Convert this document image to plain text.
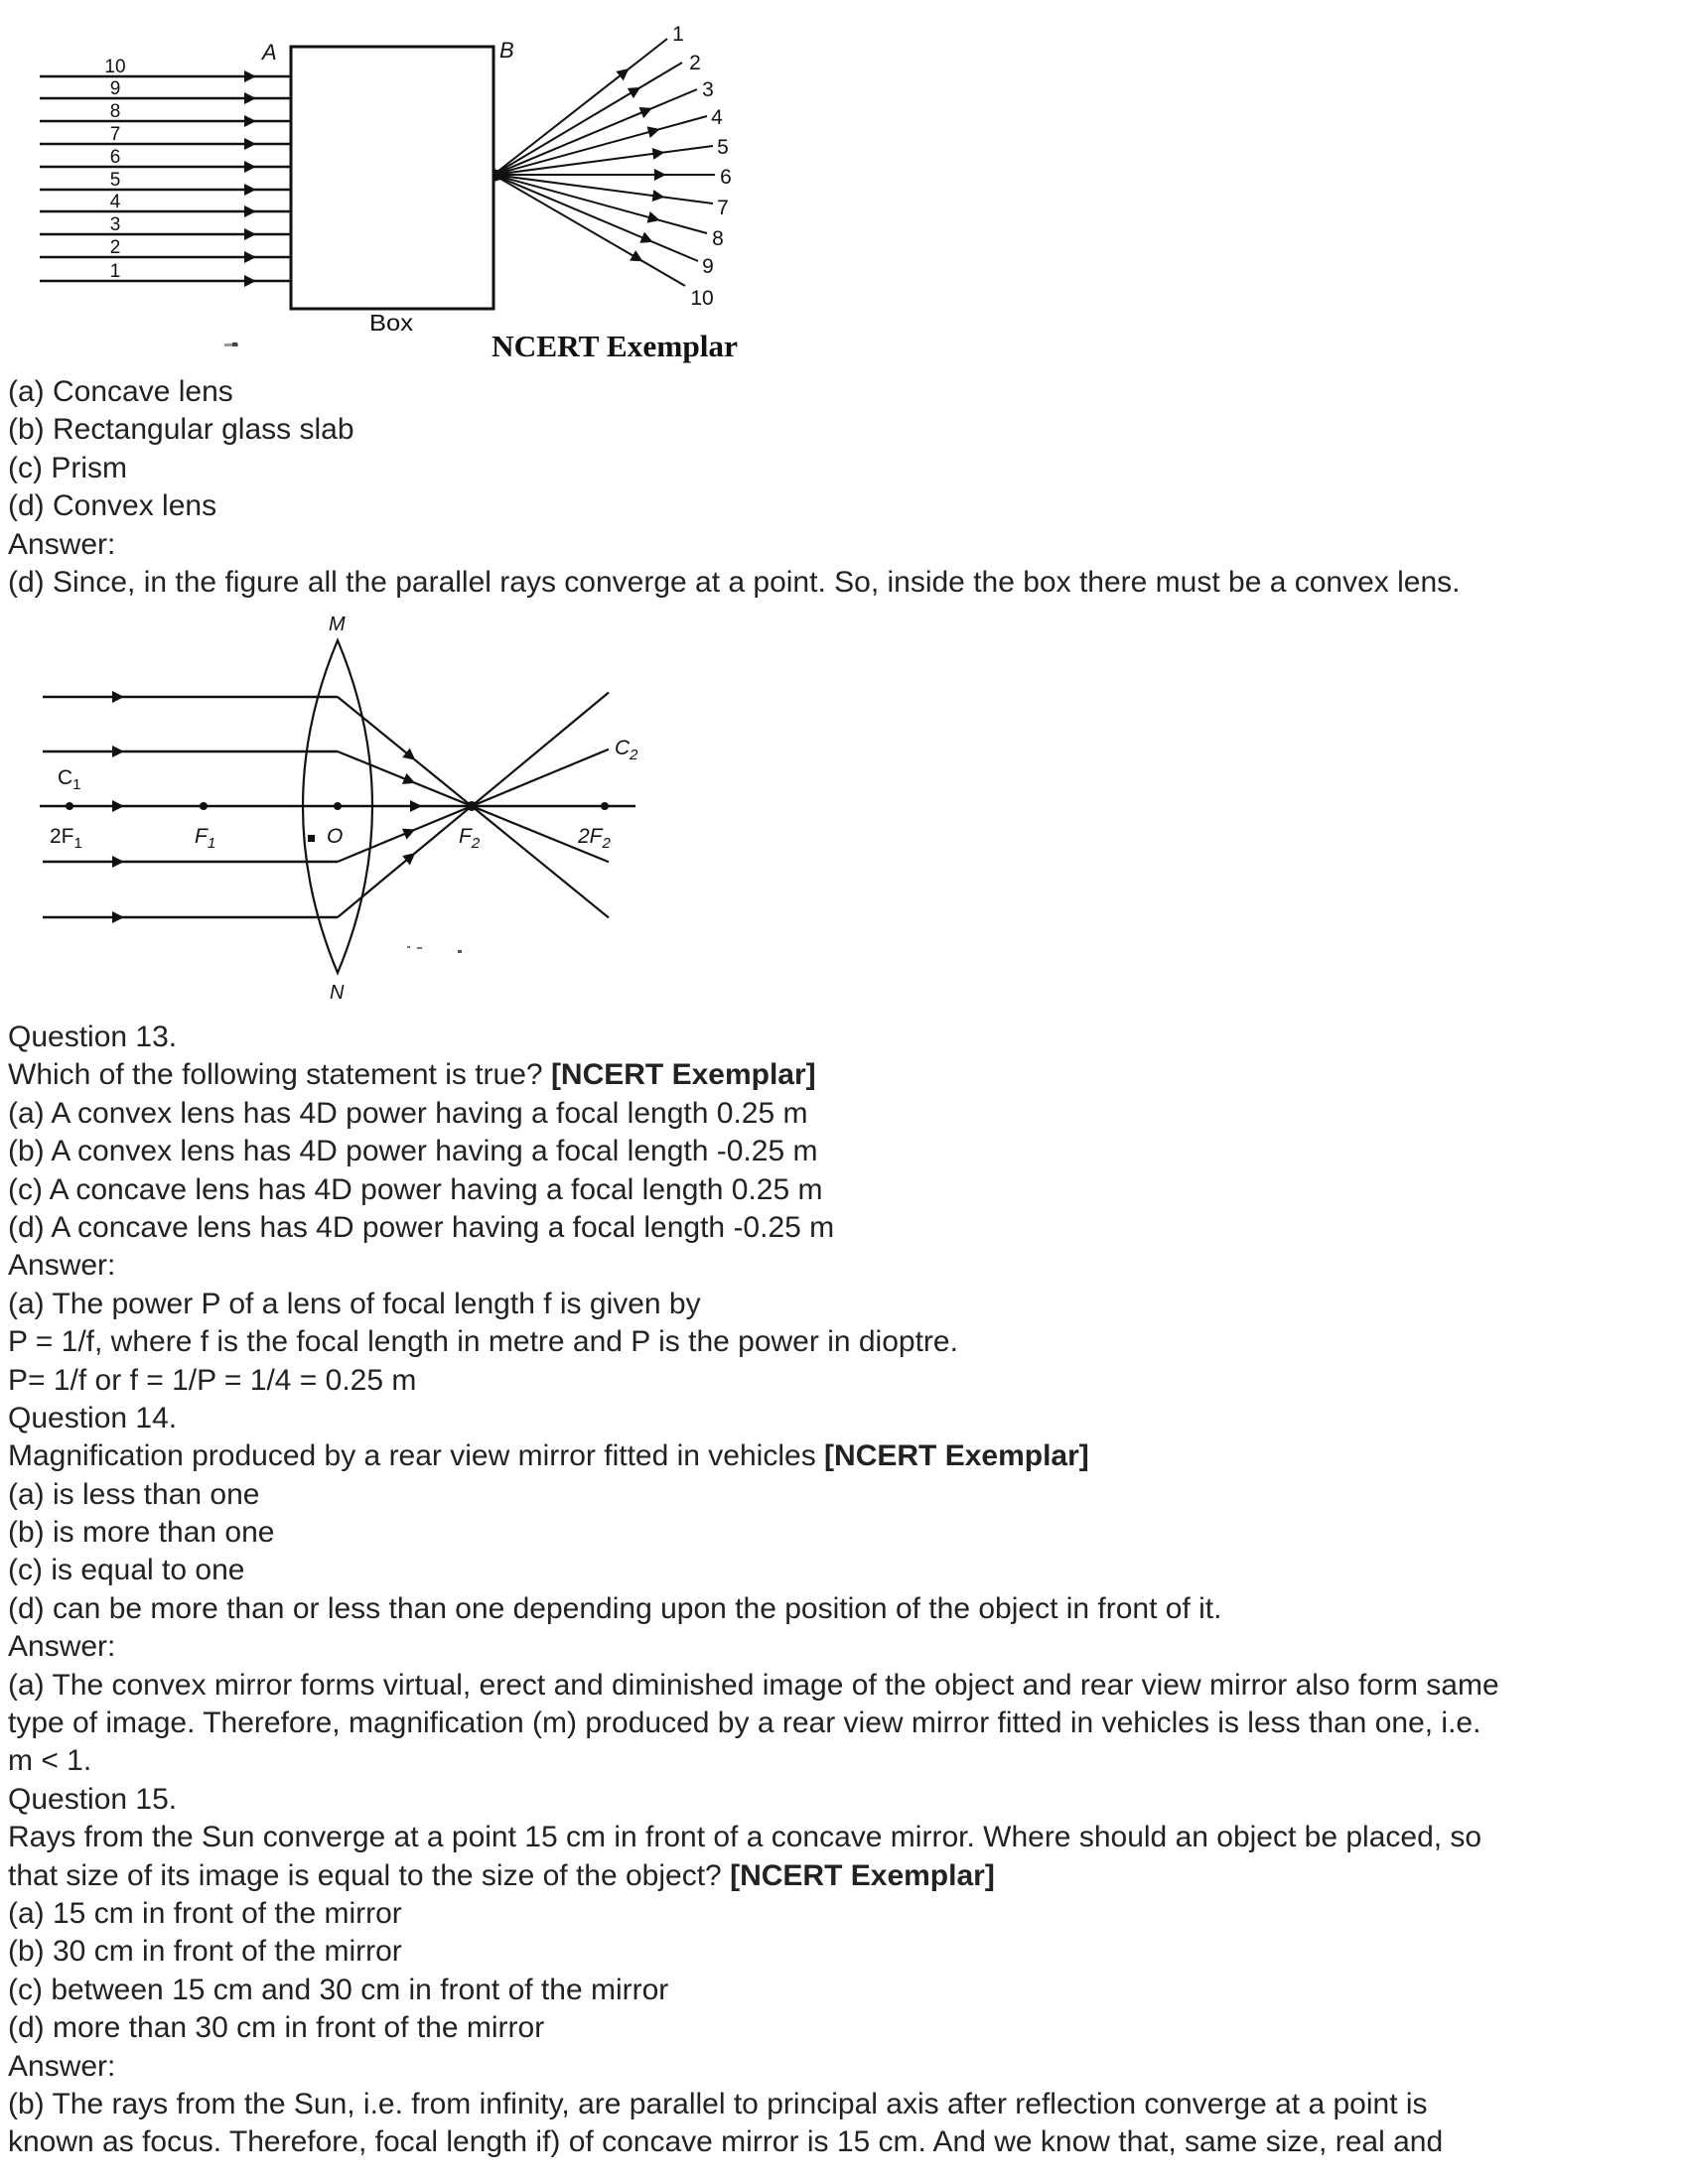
1
2
3
4
5
6
7
8
9
10
1
2
3
4
5
6
7
8
9
10
A	B
Box
NCERT Exemplar
(a) Concave lens
(b) Rectangular glass slab
(c) Prism
(d) Convex lens
Answer:
(d) Since, in the figure all the parallel rays converge at a point. So, inside the box there must be a convex lens.
M
N
$C_1$
$2F_1$	$F_1$	O	$F_2$	$2F_2$
$C_2$
Question 13.
Which of the following statement is true? [NCERT Exemplar]
(a) A convex lens has 4D power having a focal length 0.25 m
(b) A convex lens has 4D power having a focal length -0.25 m
(c) A concave lens has 4D power having a focal length 0.25 m
(d) A concave lens has 4D power having a focal length -0.25 m
Answer:
(a) The power P of a lens of focal length f is given by
P = 1/f, where f is the focal length in metre and P is the power in dioptre.
P= 1/f or f = 1/P = 1/4 = 0.25 m
Question 14.
Magnification produced by a rear view mirror fitted in vehicles [NCERT Exemplar]
(a) is less than one
(b) is more than one
(c) is equal to one
(d) can be more than or less than one depending upon the position of the object in front of it.
Answer:
(a) The convex mirror forms virtual, erect and diminished image of the object and rear view mirror also form same
type of image. Therefore, magnification (m) produced by a rear view mirror fitted in vehicles is less than one, i.e.
m < 1.
Question 15.
Rays from the Sun converge at a point 15 cm in front of a concave mirror. Where should an object be placed, so
that size of its image is equal to the size of the object? [NCERT Exemplar]
(a) 15 cm in front of the mirror
(b) 30 cm in front of the mirror
(c) between 15 cm and 30 cm in front of the mirror
(d) more than 30 cm in front of the mirror
Answer:
(b) The rays from the Sun, i.e. from infinity, are parallel to principal axis after reflection converge at a point is
known as focus. Therefore, focal length if) of concave mirror is 15 cm. And we know that, same size, real and
